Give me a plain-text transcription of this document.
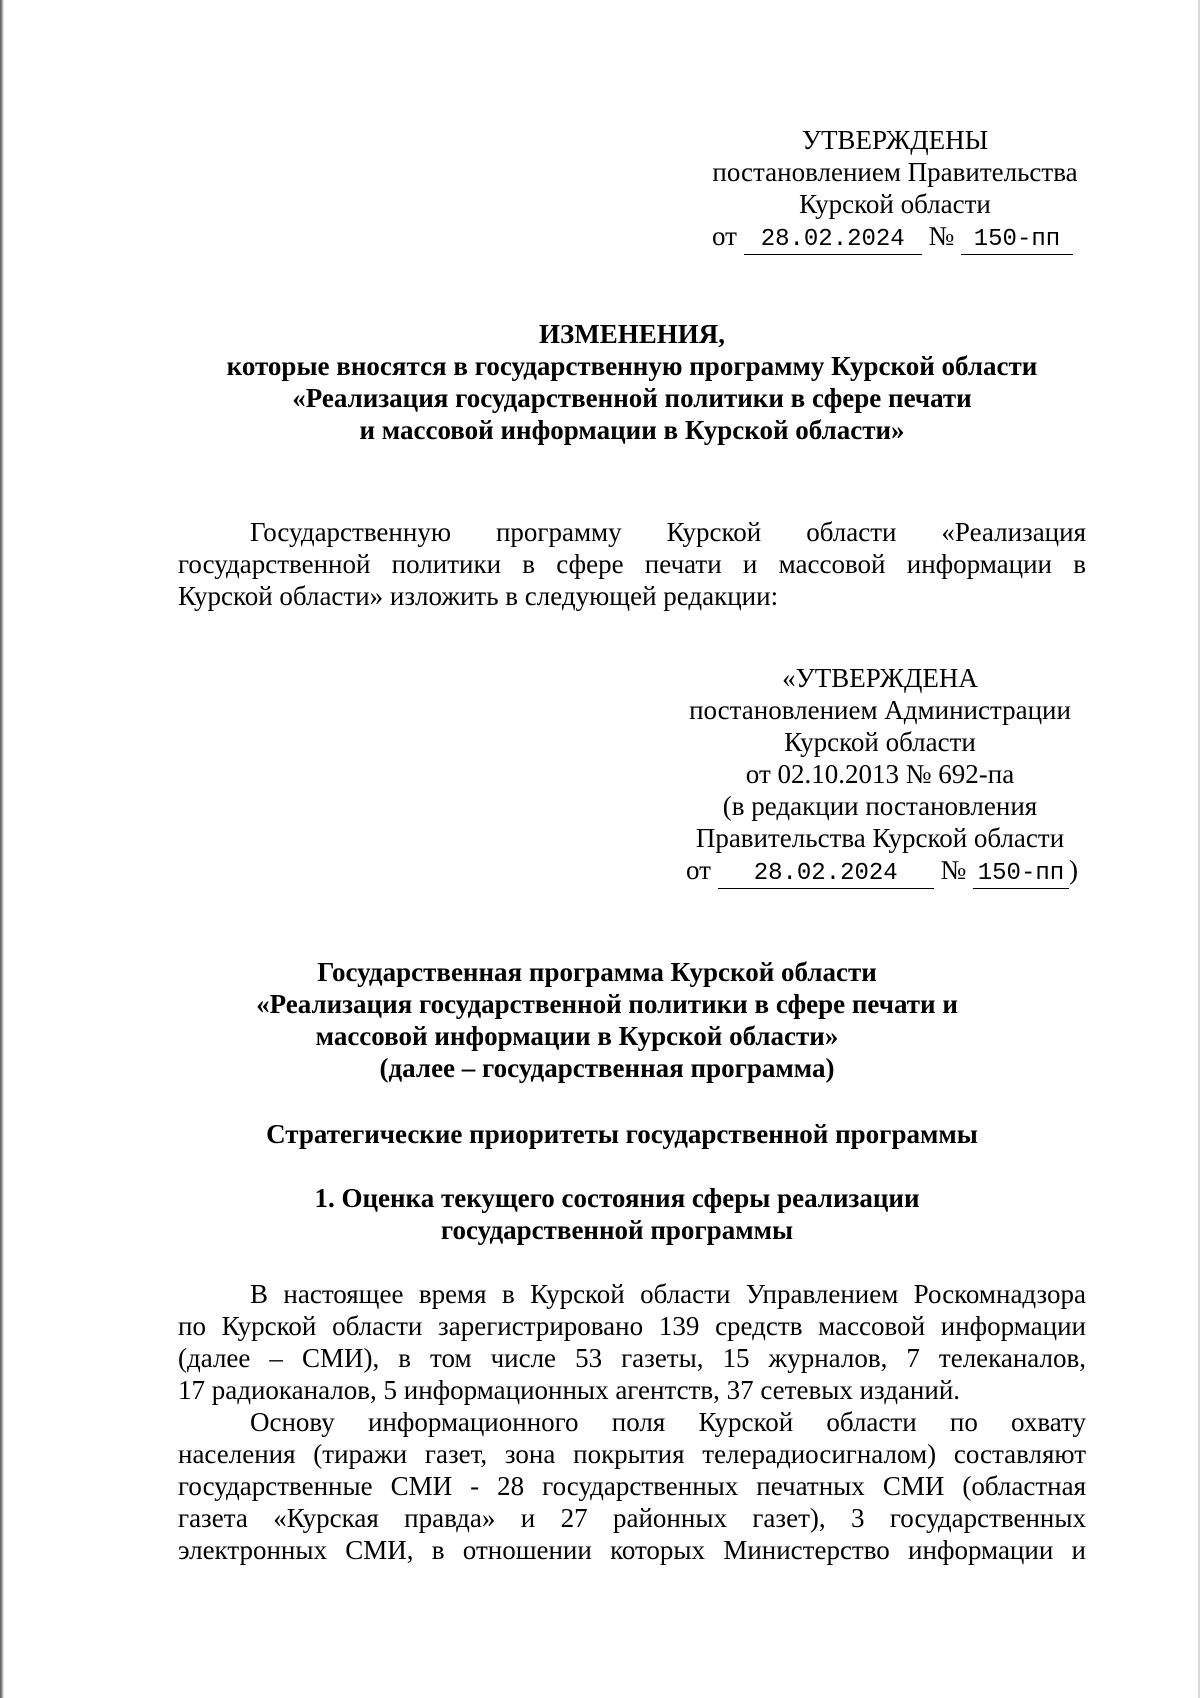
УТВЕРЖДЕНЫ
постановлением Правительства
Курской области
от 28.02.2024 № 150-пп
ИЗМЕНЕНИЯ,
которые вносятся в государственную программу Курской области
«Реализация государственной политики в сфере печати
и массовой информации в Курской области»
Государственную программу Курской области «Реализация
государственной политики в сфере печати и массовой информации в
Курской области» изложить в следующей редакции:
«УТВЕРЖДЕНА
постановлением Администрации
Курской области
от 02.10.2013 № 692-па
(в редакции постановления
Правительства Курской области
от 28.02.2024 № 150-пп )
Государственная программа Курской области
«Реализация государственной политики в сфере печати и
массовой информации в Курской области»
(далее – государственная программа)
Стратегические приоритеты государственной программы
1. Оценка текущего состояния сферы реализации
государственной программы
В настоящее время в Курской области Управлением Роскомнадзора
по Курской области зарегистрировано 139 средств массовой информации
(далее – СМИ), в том числе 53 газеты, 15 журналов, 7 телеканалов,
17 радиоканалов, 5 информационных агентств, 37 сетевых изданий.
Основу информационного поля Курской области по охвату
населения (тиражи газет, зона покрытия телерадиосигналом) составляют
государственные СМИ - 28 государственных печатных СМИ (областная
газета «Курская правда» и 27 районных газет), 3 государственных
электронных СМИ, в отношении которых Министерство информации и
